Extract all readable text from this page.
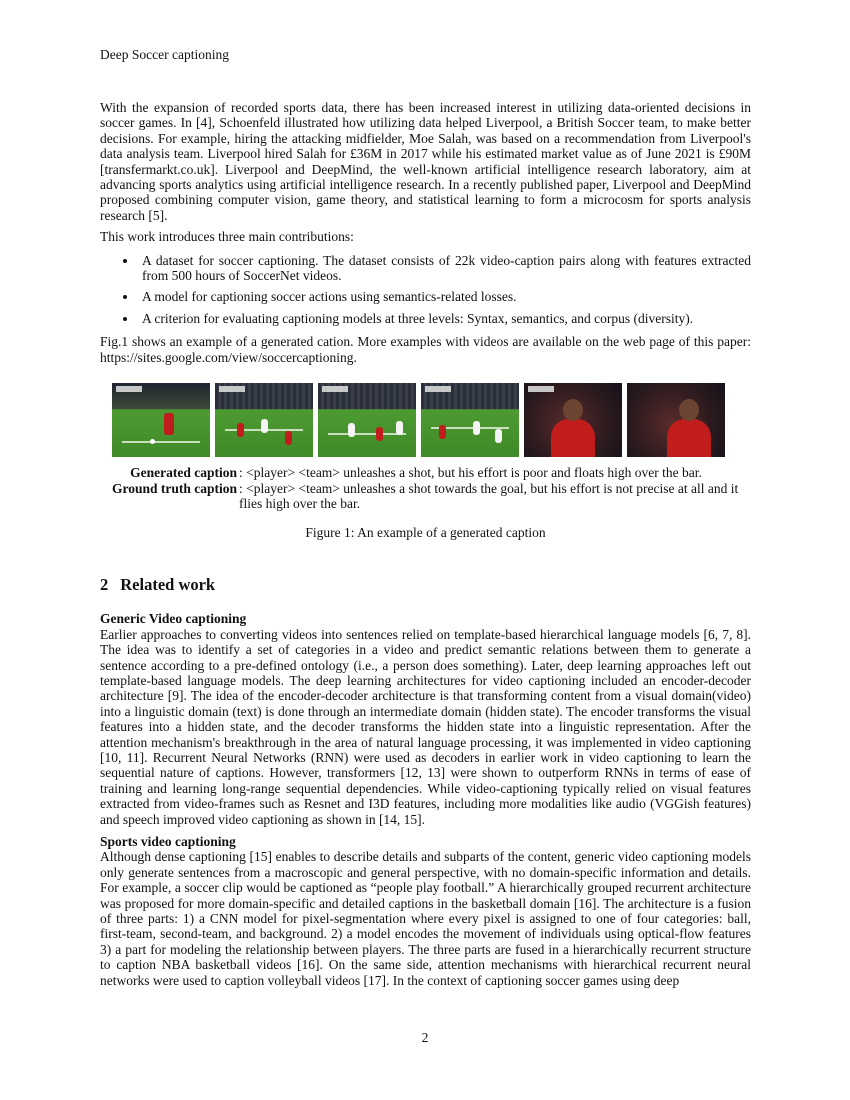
Deep Soccer captioning

With the expansion of recorded sports data, there has been increased interest in utilizing data-oriented decisions in soccer games. In [4], Schoenfeld illustrated how utilizing data helped Liverpool, a British Soccer team, to make better decisions. For example, hiring the attacking midfielder, Moe Salah, was based on a recommendation from Liverpool's data analysis team. Liverpool hired Salah for £36M in 2017 while his estimated market value as of June 2021 is £90M [transfermarkt.co.uk]. Liverpool and DeepMind, the well-known artificial intelligence research laboratory, aim at advancing sports analytics using artificial intelligence research. In a recently published paper, Liverpool and DeepMind proposed combining computer vision, game theory, and statistical learning to form a microcosm for sports analysis research [5].

This work introduces three main contributions:

• A dataset for soccer captioning. The dataset consists of 22k video-caption pairs along with features extracted from 500 hours of SoccerNet videos.
• A model for captioning soccer actions using semantics-related losses.
• A criterion for evaluating captioning models at three levels: Syntax, semantics, and corpus (diversity).

Fig.1 shows an example of a generated cation. More examples with videos are available on the web page of this paper: https://sites.google.com/view/soccercaptioning.

Generated caption : <player> <team> unleashes a shot, but his effort is poor and floats high over the bar.
Ground truth caption : <player> <team> unleashes a shot towards the goal, but his effort is not precise at all and it flies high over the bar.
Figure 1: An example of a generated caption
2 Related work
Generic Video captioning

Earlier approaches to converting videos into sentences relied on template-based hierarchical language models [6, 7, 8]. The idea was to identify a set of categories in a video and predict semantic relations between them to generate a sentence according to a pre-defined ontology (i.e., a person does something). Later, deep learning approaches left out template-based language models. The deep learning architectures for video captioning included an encoder-decoder architecture [9]. The idea of the encoder-decoder architecture is that transforming content from a visual domain(video) into a linguistic domain (text) is done through an intermediate domain (hidden state). The encoder transforms the visual features into a hidden state, and the decoder transforms the hidden state into a linguistic representation. After the attention mechanism's breakthrough in the area of natural language processing, it was implemented in video captioning [10, 11]. Recurrent Neural Networks (RNN) were used as decoders in earlier work in video captioning to learn the sequential nature of captions. However, transformers [12, 13] were shown to outperform RNNs in terms of ease of training and learning long-range sequential dependencies. While video-captioning typically relied on visual features extracted from video-frames such as Resnet and I3D features, including more modalities like audio (VGGish features) and speech improved video captioning as shown in [14, 15].

Sports video captioning

Although dense captioning [15] enables to describe details and subparts of the content, generic video captioning models only generate sentences from a macroscopic and general perspective, with no domain-specific information and details. For example, a soccer clip would be captioned as “people play football.” A hierarchically grouped recurrent architecture was proposed for more domain-specific and detailed captions in the basketball domain [16]. The architecture is a fusion of three parts: 1) a CNN model for pixel-segmentation where every pixel is assigned to one of four categories: ball, first-team, second-team, and background. 2) a model encodes the movement of individuals using optical-flow features 3) a part for modeling the relationship between players. The three parts are fused in a hierarchically recurrent structure to caption NBA basketball videos [16]. On the same side, attention mechanisms with hierarchical recurrent neural networks were used to caption volleyball videos [17]. In the context of captioning soccer games using deep

2
